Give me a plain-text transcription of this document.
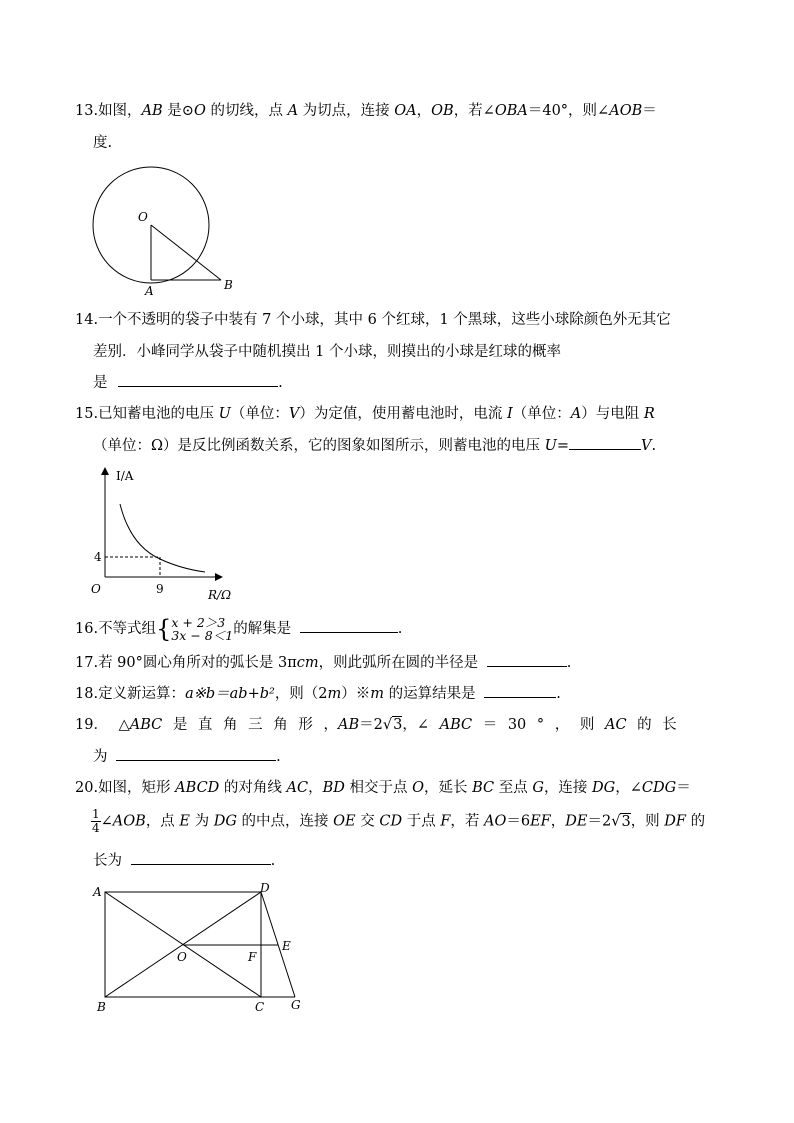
13.如图，AB 是⊙O 的切线，点 A 为切点，连接 OA，OB，若∠OBA＝40°，则∠AOB＝
度.
O
A	B
14.一个不透明的袋子中装有 7 个小球，其中 6 个红球，1 个黑球，这些小球除颜色外无其它
差别．小峰同学从袋子中随机摸出 1 个小球，则摸出的小球是红球的概率
是	.
15.已知蓄电池的电压 U（单位：V）为定值，使用蓄电池时，电流 I（单位：A）与电阻 R
（单位：Ω）是反比例函数关系，它的图象如图所示，则蓄电池的电压 U=	V.
I/A
R/Ω
O	9
4
16.不等式组{ x + 2＞3
3x − 8＜1 的解集是	.
17.若 90°圆心角所对的弧长是 3πcm，则此弧所在圆的半径是	.
18.定义新运算：a※b＝ab+b²，则（2m）※m 的运算结果是	.
19． △ABC 是 直 角 三 角 形 ，AB＝2√3，∠ ABC ＝ 30 ° ， 则 AC 的 长
为	.
20.如图，矩形 ABCD 的对角线 AC，BD 相交于点 O，延长 BC 至点 G，连接 DG，∠CDG＝
$\frac{1}{4}$ ∠AOB，点 E 为 DG 的中点，连接 OE 交 CD 于点 F，若 AO＝6EF，DE＝2√3，则 DF 的
长为	.
A	D
B	C G
E
O	F
